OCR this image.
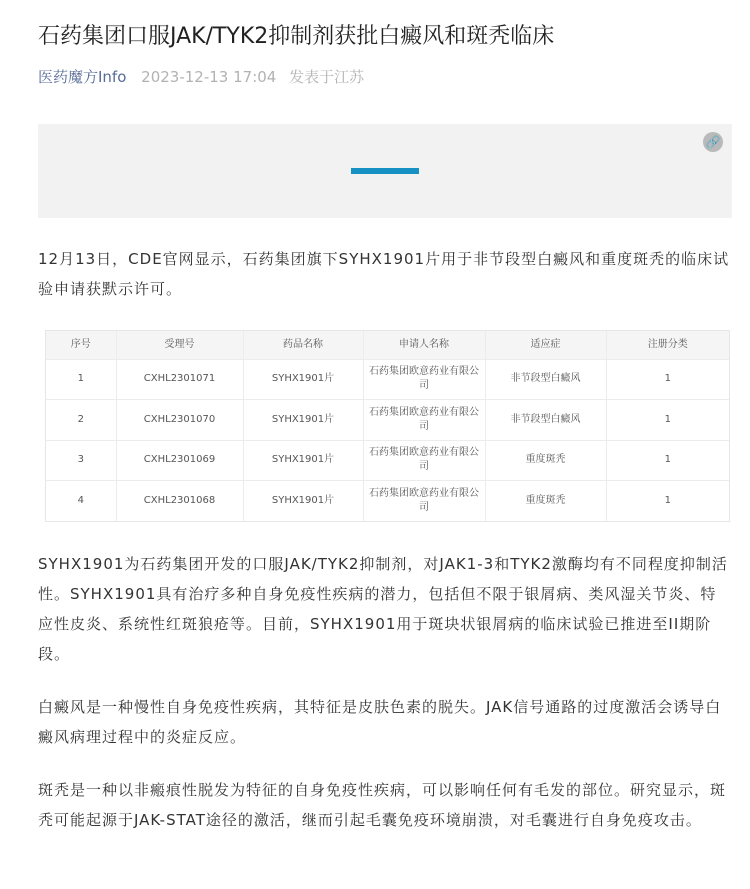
石药集团口服JAK/TYK2抑制剂获批白癜风和斑秃临床
医药魔方Info 2023-12-13 17:04 发表于江苏
🔗

12月13日，CDE官网显示，石药集团旗下SYHX1901片用于非节段型白癜风和重度斑秃的临床试验申请获默示许可。

序号	受理号	药品名称	申请人名称	适应症	注册分类
1	CXHL2301071	SYHX1901片	石药集团欧意药业有限公司	非节段型白癜风	1
2	CXHL2301070	SYHX1901片	石药集团欧意药业有限公司	非节段型白癜风	1
3	CXHL2301069	SYHX1901片	石药集团欧意药业有限公司	重度斑秃	1
4	CXHL2301068	SYHX1901片	石药集团欧意药业有限公司	重度斑秃	1

SYHX1901为石药集团开发的口服JAK/TYK2抑制剂，对JAK1-3和TYK2激酶均有不同程度抑制活性。SYHX1901具有治疗多种自身免疫性疾病的潜力，包括但不限于银屑病、类风湿关节炎、特应性皮炎、系统性红斑狼疮等。目前，SYHX1901用于斑块状银屑病的临床试验已推进至II期阶段。

白癜风是一种慢性自身免疫性疾病，其特征是皮肤色素的脱失。JAK信号通路的过度激活会诱导白癜风病理过程中的炎症反应。

斑秃是一种以非瘢痕性脱发为特征的自身免疫性疾病，可以影响任何有毛发的部位。研究显示，斑秃可能起源于JAK-STAT途径的激活，继而引起毛囊免疫环境崩溃，对毛囊进行自身免疫攻击。
